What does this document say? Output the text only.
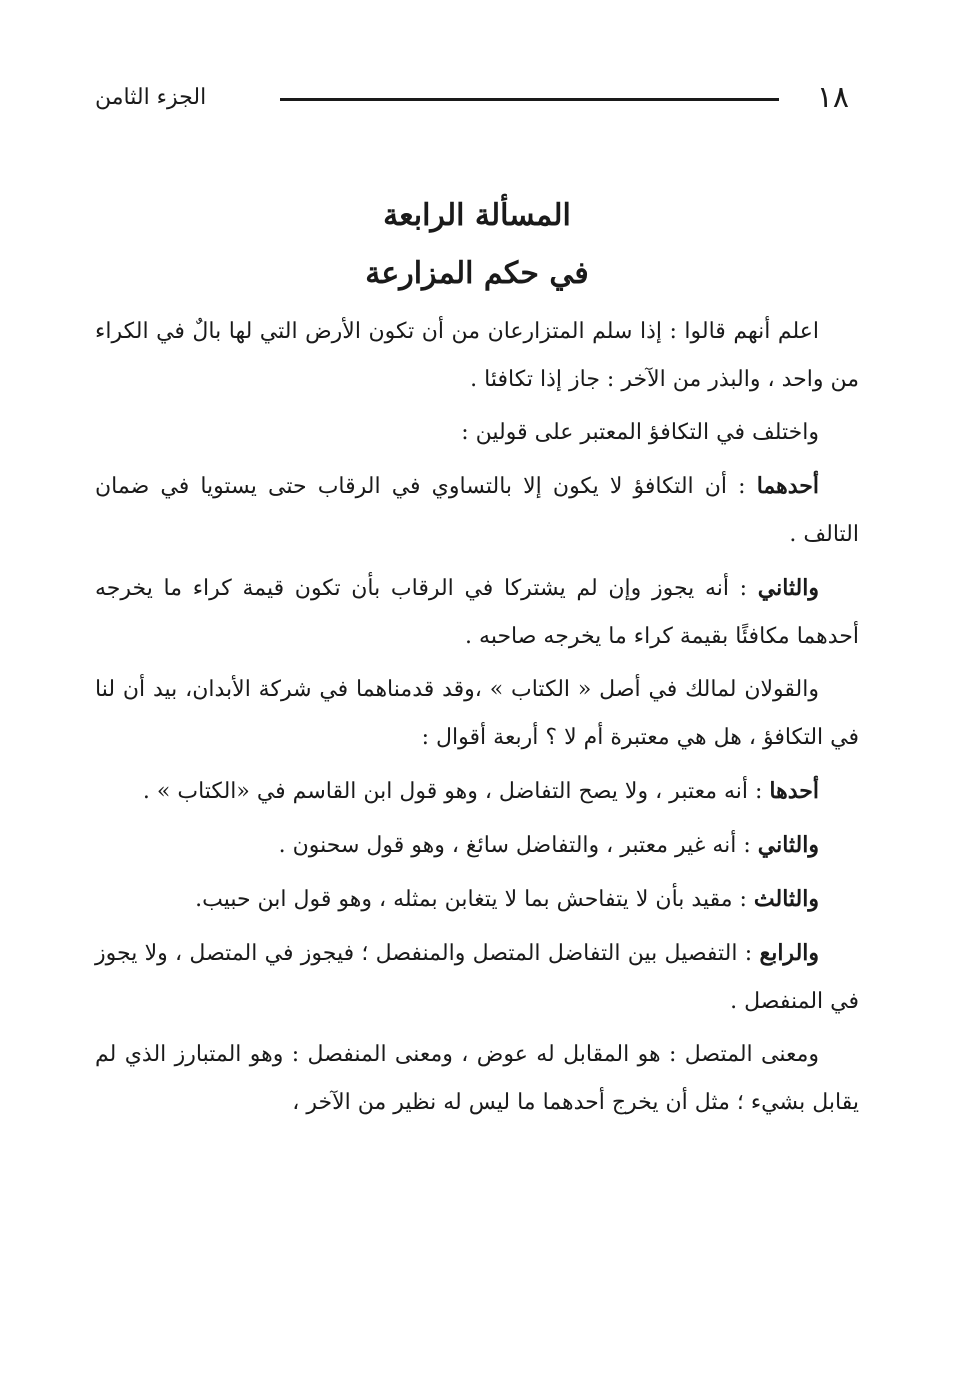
١٨
الجزء الثامن
المسألة الرابعة
في حكم المزارعة

اعلم أنهم قالوا : إذا سلم المتزارعان من أن تكون الأرض التي لها بالٌ في الكراء من واحد ، والبذر من الآخر : جاز إذا تكافئا .

واختلف في التكافؤ المعتبر على قولين :

أحدهما : أن التكافؤ لا يكون إلا بالتساوي في الرقاب حتى يستويا في ضمان التالف .

والثاني : أنه يجوز وإن لم يشتركا في الرقاب بأن تكون قيمة كراء ما يخرجه أحدهما مكافئًا بقيمة كراء ما يخرجه صاحبه .

والقولان لمالك في أصل « الكتاب » ،وقد قدمناهما في شركة الأبدان، بيد أن لنا في التكافؤ ، هل هي معتبرة أم لا ؟ أربعة أقوال :

أحدها : أنه معتبر ، ولا يصح التفاضل ، وهو قول ابن القاسم في «الكتاب » .

والثاني : أنه غير معتبر ، والتفاضل سائغ ، وهو قول سحنون .

والثالث : مقيد بأن لا يتفاحش بما لا يتغابن بمثله ، وهو قول ابن حبيب.

والرابع : التفصيل بين التفاضل المتصل والمنفصل ؛ فيجوز في المتصل ، ولا يجوز في المنفصل .

ومعنى المتصل : هو المقابل له عوض ، ومعنى المنفصل : وهو المتبارز الذي لم يقابل بشيء ؛ مثل أن يخرج أحدهما ما ليس له نظير من الآخر ،
